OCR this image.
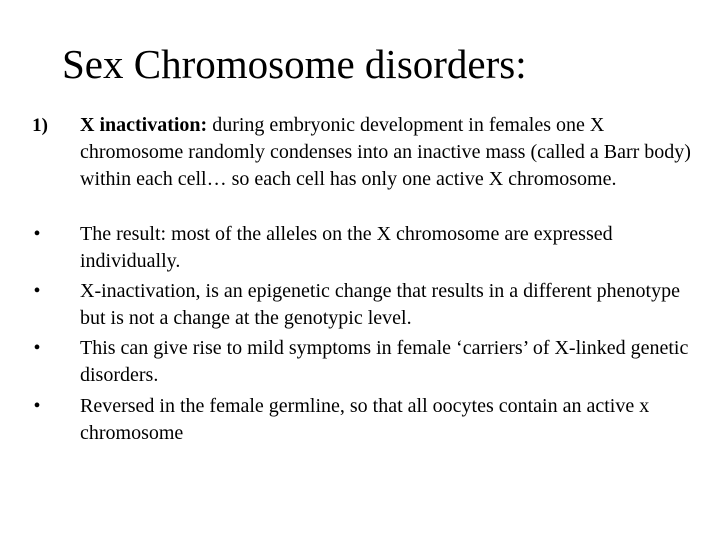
Sex Chromosome disorders:
1)	X inactivation: during embryonic development in females one X chromosome randomly condenses into an inactive mass (called a Barr body) within each cell… so each cell has only one active X chromosome.
•	The result: most of the alleles on the X chromosome are expressed individually.
•	X-inactivation, is an epigenetic change that results in a different phenotype but is not a change at the genotypic level.
•	This can give rise to mild symptoms in female ‘carriers’ of X-linked genetic disorders.
•	Reversed in the female germline, so that all oocytes contain an active x chromosome
